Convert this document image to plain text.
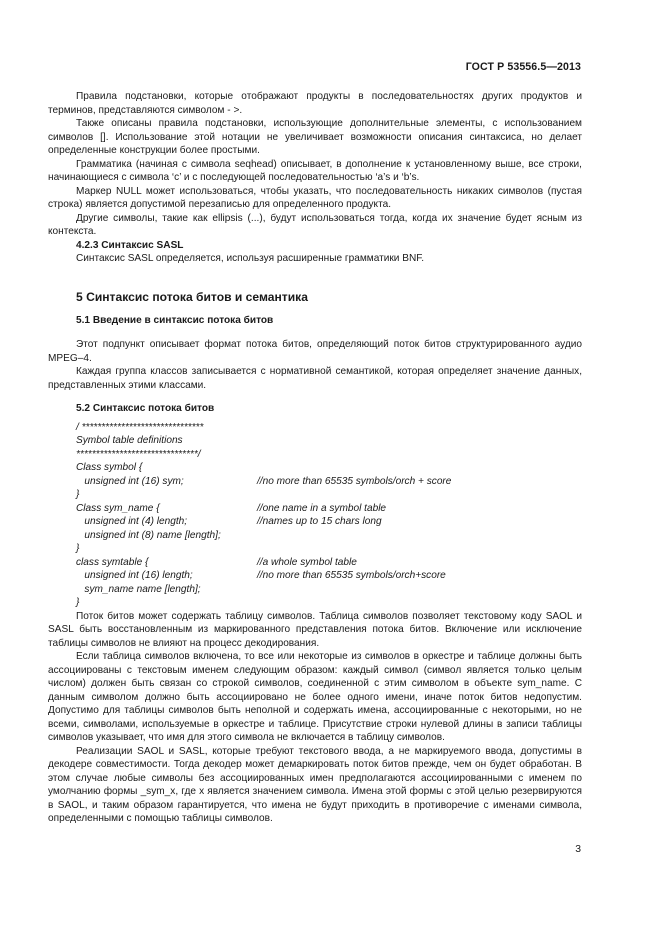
ГОСТ Р 53556.5—2013

Правила подстановки, которые отображают продукты в последовательностях других продуктов и терминов, представляются символом - >.

Также описаны правила подстановки, использующие дополнительные элементы, с использованием символов []. Использование этой нотации не увеличивает возможности описания синтаксиса, но делает определенные конструкции более простыми.

Грамматика (начиная с символа seqhead) описывает, в дополнение к установленному выше, все строки, начинающиеся с символа ‘c’ и с последующей последовательностью ‘a’s и ‘b’s.

Маркер NULL может использоваться, чтобы указать, что последовательность никаких символов (пустая строка) является допустимой перезаписью для определенного продукта.

Другие символы, такие как ellipsis (...), будут использоваться тогда, когда их значение будет ясным из контекста.

4.2.3 Синтаксис SASL

Синтаксис SASL определяется, используя расширенные грамматики BNF.

5 Синтаксис потока битов и семантика

5.1 Введение в синтаксис потока битов

Этот подпункт описывает формат потока битов, определяющий поток битов структурированного аудио MPEG–4.

Каждая группа классов записывается с нормативной семантикой, которая определяет значение данных, представленных этими классами.

5.2 Синтаксис потока битов

/ *******************************
Symbol table definitions
*******************************/
Class symbol {
unsigned int (16) sym;	//no more than 65535 symbols/orch + score
}
Class sym_name {	//one name in a symbol table
unsigned int (4) length;	//names up to 15 chars long
unsigned int (8) name [length];
}
class symtable {	//a whole symbol table
unsigned int (16) length;	//no more than 65535 symbols/orch+score
sym_name name [length];
}

Поток битов может содержать таблицу символов. Таблица символов позволяет текстовому коду SAOL и SASL быть восстановленным из маркированного представления потока битов. Включение или исключение таблицы символов не влияют на процесс декодирования.

Если таблица символов включена, то все или некоторые из символов в оркестре и таблице должны быть ассоциированы с текстовым именем следующим образом: каждый символ (символ является только целым числом) должен быть связан со строкой символов, соединенной с этим символом в объекте sym_name. С данным символом должно быть ассоциировано не более одного имени, иначе поток битов недопустим. Допустимо для таблицы символов быть неполной и содержать имена, ассоциированные с некоторыми, но не всеми, символами, используемые в оркестре и таблице. Присутствие строки нулевой длины в записи таблицы символов указывает, что имя для этого символа не включается в таблицу символов.

Реализации SAOL и SASL, которые требуют текстового ввода, а не маркируемого ввода, допустимы в декодере совместимости. Тогда декодер может демаркировать поток битов прежде, чем он будет обработан. В этом случае любые символы без ассоциированных имен предполагаются ассоциированными с именем по умолчанию формы _sym_x, где x является значением символа. Имена этой формы с этой целью резервируются в SAOL, и таким образом гарантируется, что имена не будут приходить в противоречие с именами символа, определенными с помощью таблицы символов.

3
